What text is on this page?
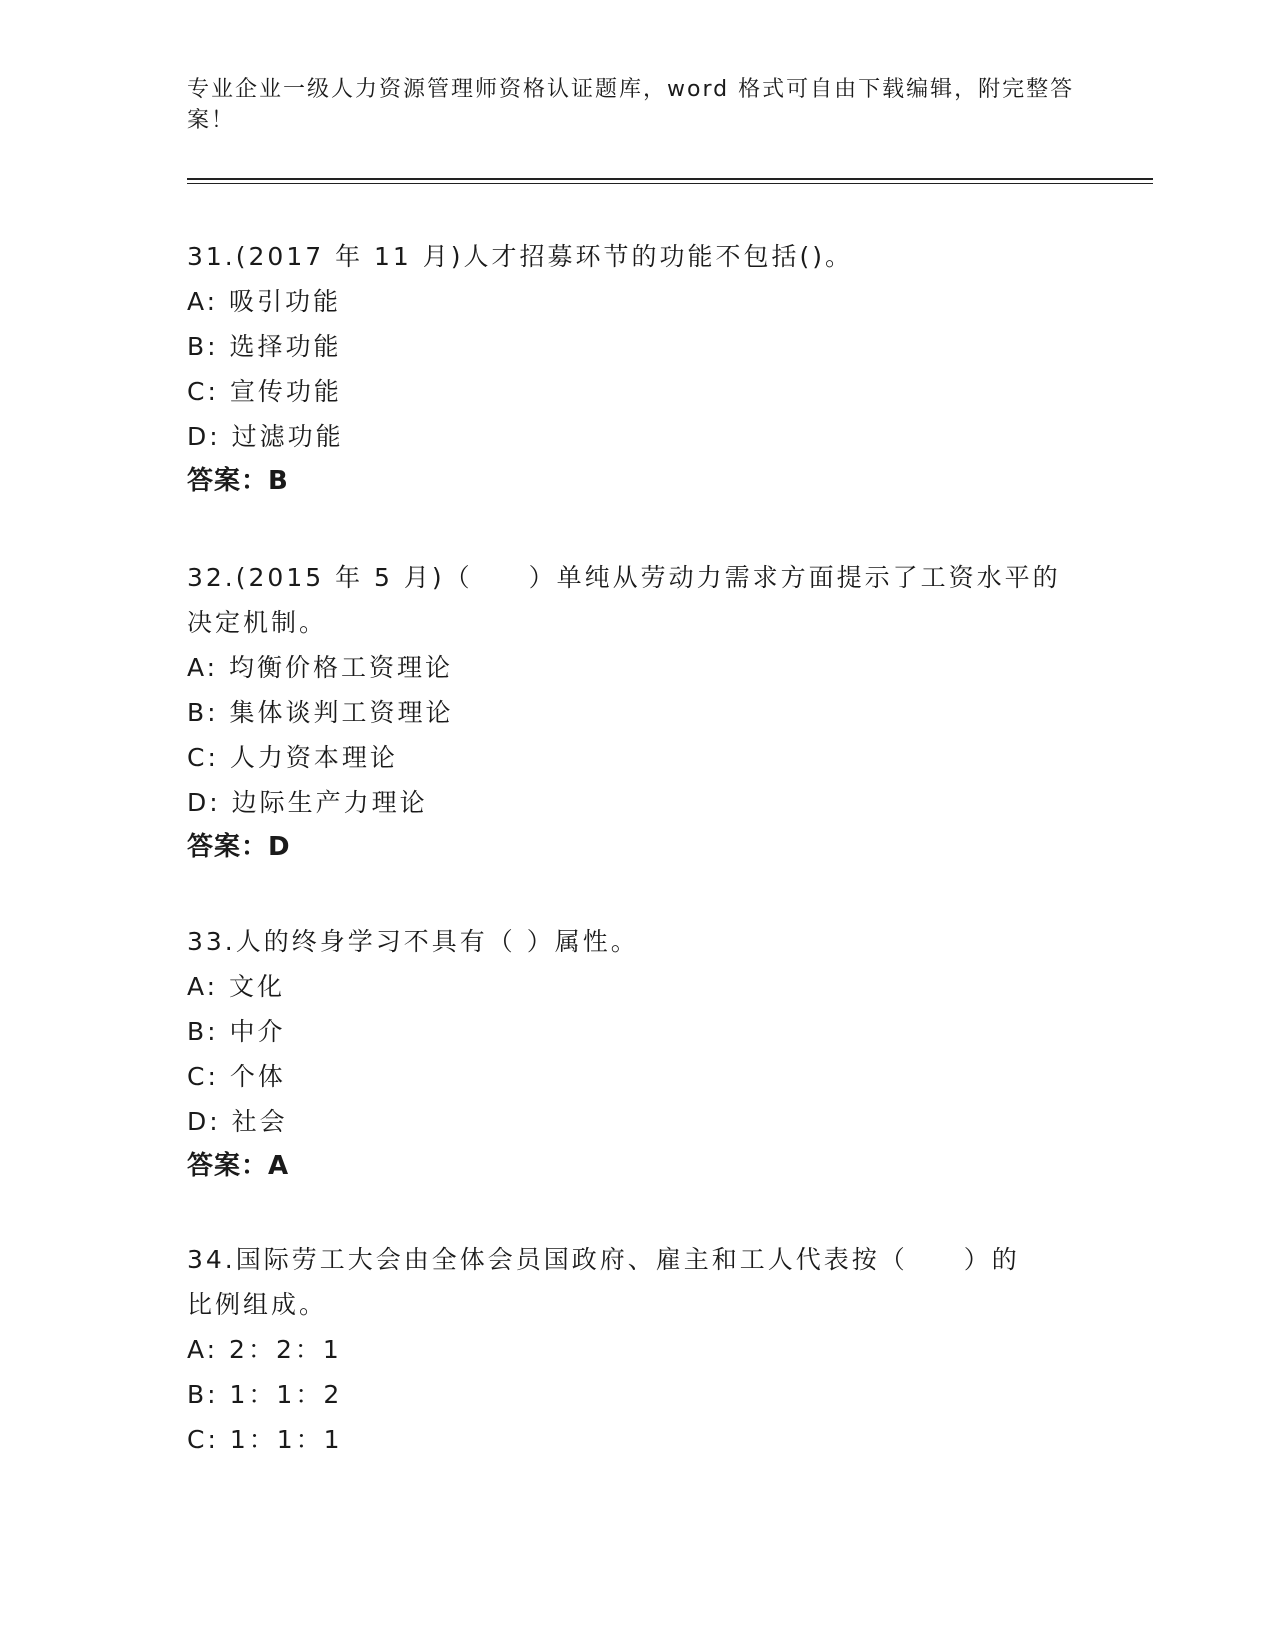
专业企业一级人力资源管理师资格认证题库，word 格式可自由下载编辑，附完整答案！
31.(2017 年 11 月)人才招募环节的功能不包括()。
A: 吸引功能
B: 选择功能
C: 宣传功能
D: 过滤功能
答案：B
32.(2015 年 5 月)（　　）单纯从劳动力需求方面提示了工资水平的决定机制。
A: 均衡价格工资理论
B: 集体谈判工资理论
C: 人力资本理论
D: 边际生产力理论
答案：D
33.人的终身学习不具有（ ）属性。
A: 文化
B: 中介
C: 个体
D: 社会
答案：A
34.国际劳工大会由全体会员国政府、雇主和工人代表按（　　）的比例组成。
A: 2：2：1
B: 1：1：2
C: 1：1：1
